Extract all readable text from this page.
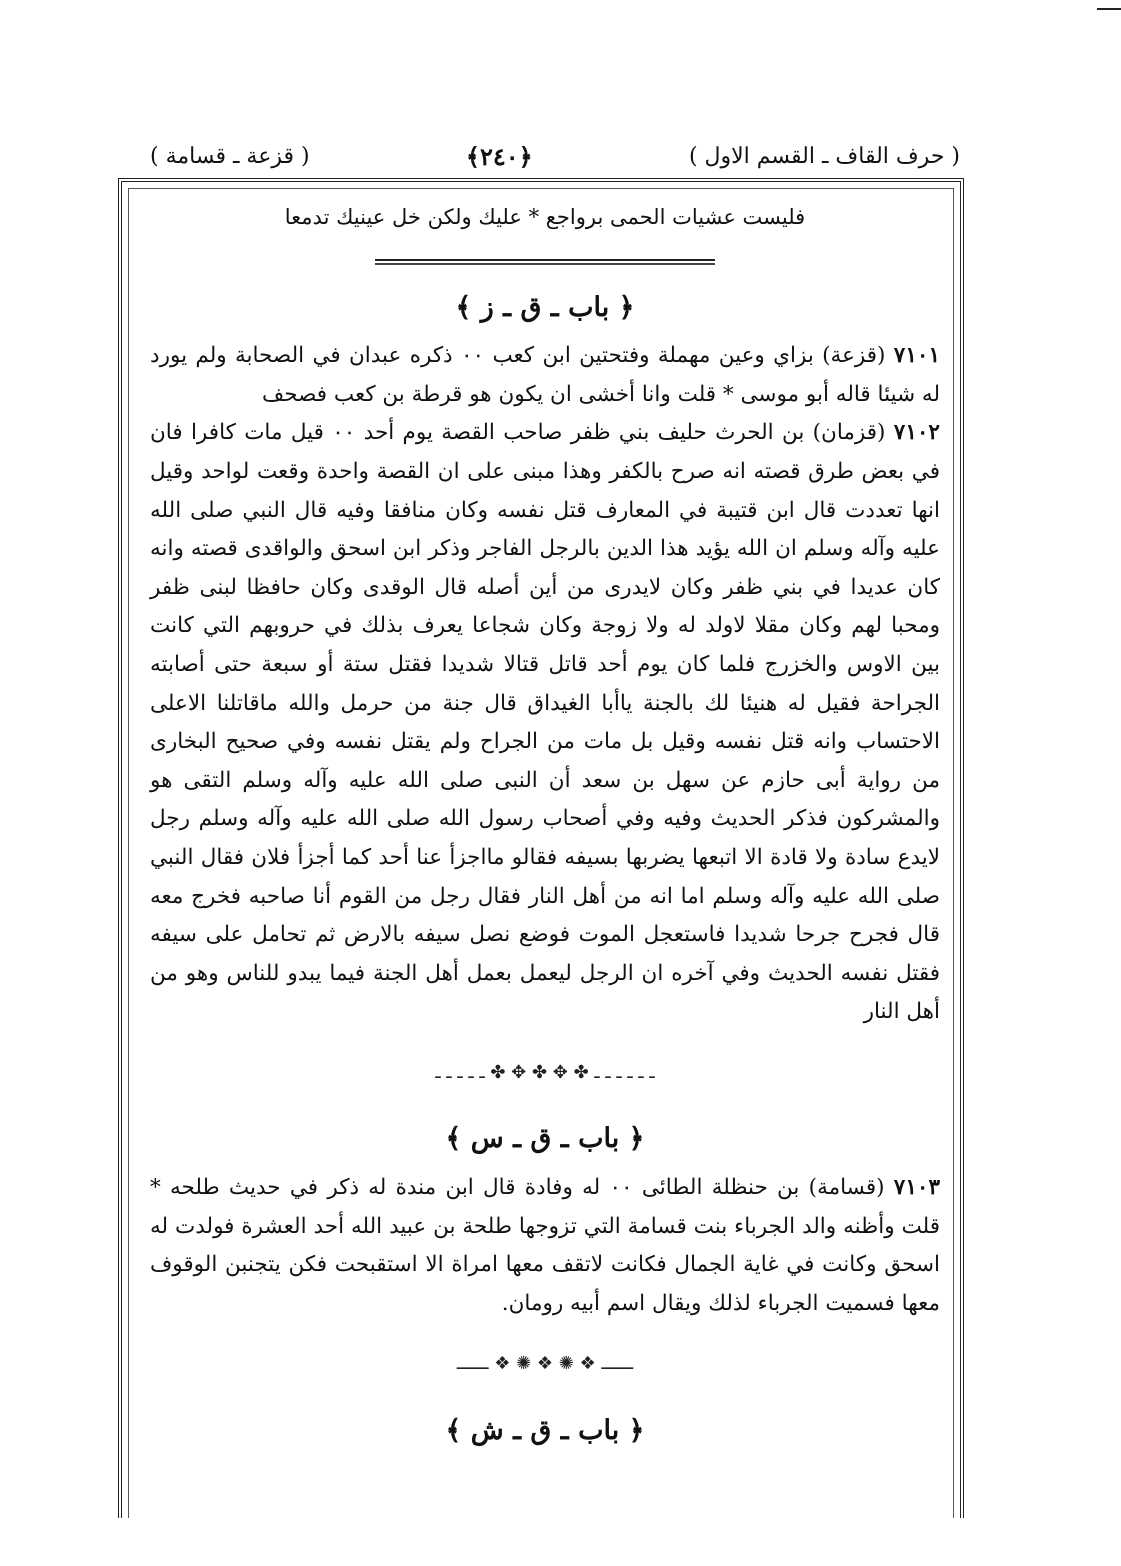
( حرف القاف ـ القسم الاول )
﴿٢٤٠﴾
( قزعة ـ قسامة )
فليست عشيات الحمى برواجع * عليك ولكن خل عينيك تدمعا
﴿ باب ـ ق ـ ز ﴾

٧١٠١ (قزعة) بزاي وعين مهملة وفتحتين ابن كعب ٠٠ ذكره عبدان في الصحابة ولم يورد له شيئا قاله أبو موسى * قلت وانا أخشى ان يكون هو قرطة بن كعب فصحف

٧١٠٢ (قزمان) بن الحرث حليف بني ظفر صاحب القصة يوم أحد ٠٠ قيل مات كافرا فان في بعض طرق قصته انه صرح بالكفر وهذا مبنى على ان القصة واحدة وقعت لواحد وقيل انها تعددت قال ابن قتيبة في المعارف قتل نفسه وكان منافقا وفيه قال النبي صلى الله عليه وآله وسلم ان الله يؤيد هذا الدين بالرجل الفاجر وذكر ابن اسحق والواقدى قصته وانه كان عديدا في بني ظفر وكان لايدرى من أين أصله قال الوقدى وكان حافظا لبنى ظفر ومحبا لهم وكان مقلا لاولد له ولا زوجة وكان شجاعا يعرف بذلك في حروبهم التي كانت بين الاوس والخزرج فلما كان يوم أحد قاتل قتالا شديدا فقتل ستة أو سبعة حتى أصابته الجراحة فقيل له هنيئا لك بالجنة ياأبا الغيداق قال جنة من حرمل والله ماقاتلنا الاعلى الاحتساب وانه قتل نفسه وقيل بل مات من الجراح ولم يقتل نفسه وفي صحيح البخارى من رواية أبى حازم عن سهل بن سعد أن النبى صلى الله عليه وآله وسلم التقى هو والمشركون فذكر الحديث وفيه وفي أصحاب رسول الله صلى الله عليه وآله وسلم رجل لايدع سادة ولا قادة الا اتبعها يضربها بسيفه فقالو مااجزأ عنا أحد كما أجزأ فلان فقال النبي صلى الله عليه وآله وسلم اما انه من أهل النار فقال رجل من القوم أنا صاحبه فخرج معه قال فجرح جرحا شديدا فاستعجل الموت فوضع نصل سيفه بالارض ثم تحامل على سيفه فقتل نفسه الحديث وفي آخره ان الرجل ليعمل بعمل أهل الجنة فيما يبدو للناس وهو من أهل النار

ـ ـ ـ ـ ـ ـ ✤ ✥ ✤ ✥ ✤ ـ ـ ـ ـ ـ
﴿ باب ـ ق ـ س ﴾

٧١٠٣ (قسامة) بن حنظلة الطائى ٠٠ له وفادة قال ابن مندة له ذكر في حديث طلحه * قلت وأظنه والد الجرباء بنت قسامة التي تزوجها طلحة بن عبيد الله أحد العشرة فولدت له اسحق وكانت في غاية الجمال فكانت لاتقف معها امراة الا استقبحت فكن يتجنبن الوقوف معها فسميت الجرباء لذلك ويقال اسم أبيه رومان.

ــــــ ❖ ✺ ❖ ✺ ❖ ــــــ
﴿ باب ـ ق ـ ش ﴾
